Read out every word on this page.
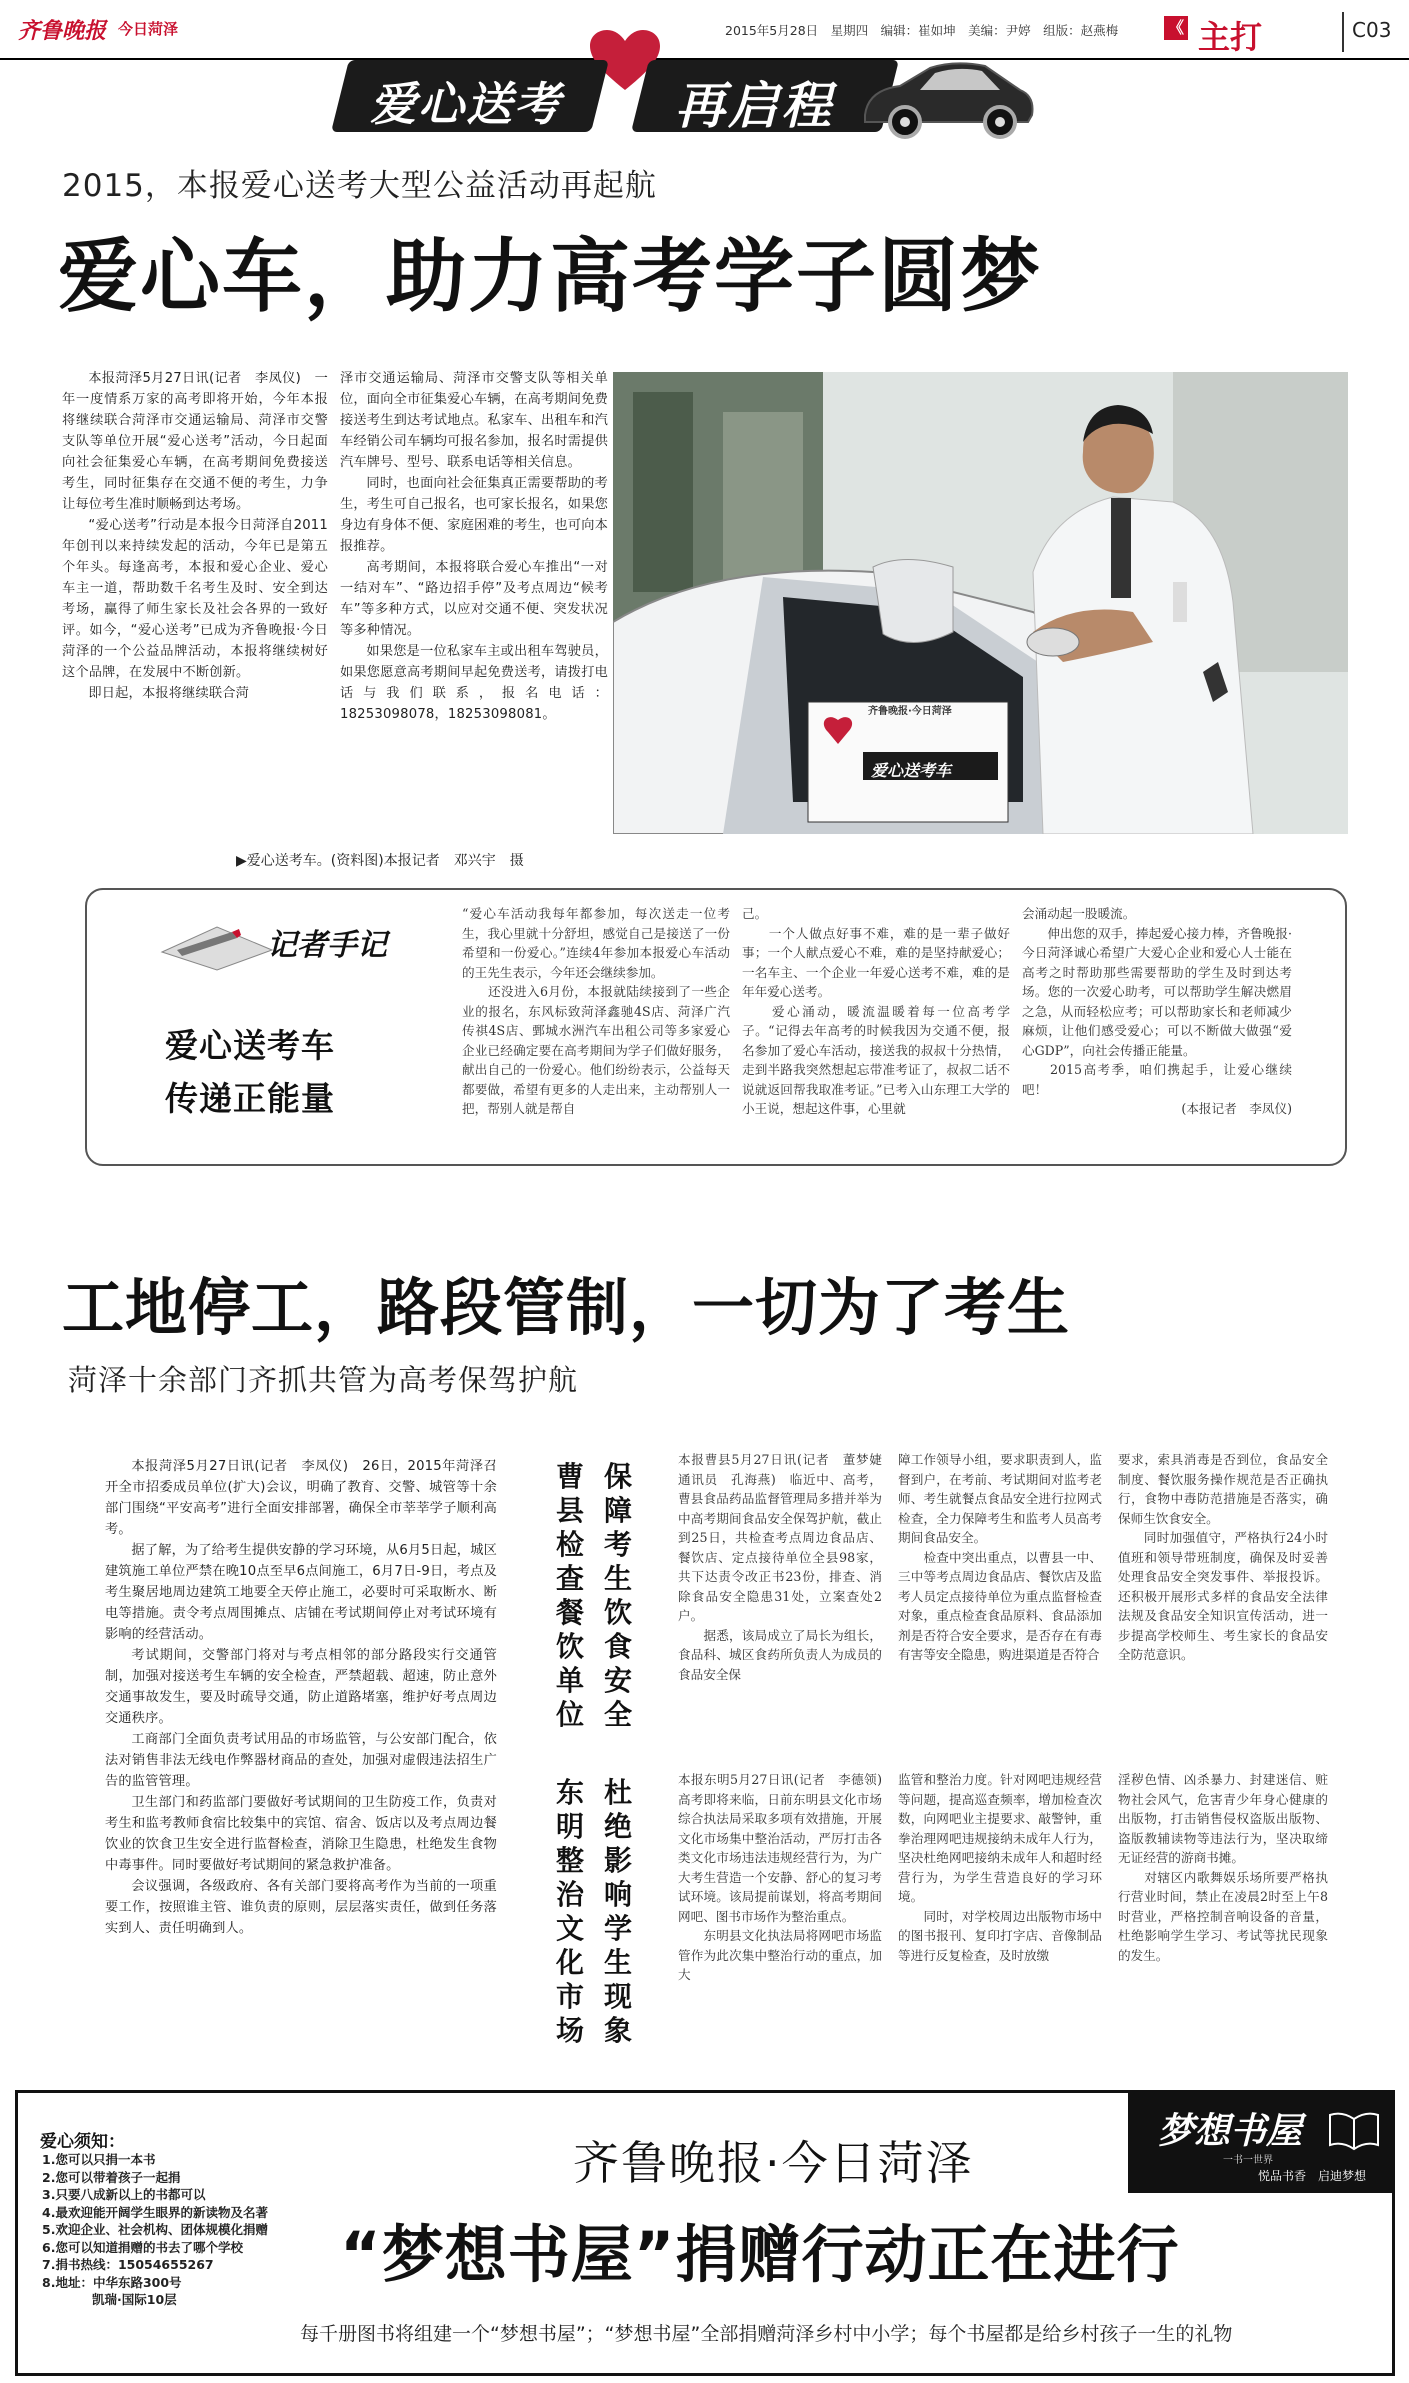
齐鲁晚报 今日菏泽	2015年5月28日　星期四　编辑：崔如坤　美编：尹婷　组版：赵燕梅	《 主打	C03
爱心送考 再启程
2015，本报爱心送考大型公益活动再起航
爱心车，助力高考学子圆梦

本报菏泽5月27日讯(记者　李凤仪)　一年一度情系万家的高考即将开始，今年本报将继续联合菏泽市交通运输局、菏泽市交警支队等单位开展“爱心送考”活动，今日起面向社会征集爱心车辆，在高考期间免费接送考生，同时征集存在交通不便的考生，力争让每位考生准时顺畅到达考场。

“爱心送考”行动是本报今日菏泽自2011年创刊以来持续发起的活动，今年已是第五个年头。每逢高考，本报和爱心企业、爱心车主一道，帮助数千名考生及时、安全到达考场，赢得了师生家长及社会各界的一致好评。如今，“爱心送考”已成为齐鲁晚报·今日菏泽的一个公益品牌活动，本报将继续树好这个品牌，在发展中不断创新。

即日起，本报将继续联合菏

泽市交通运输局、菏泽市交警支队等相关单位，面向全市征集爱心车辆，在高考期间免费接送考生到达考试地点。私家车、出租车和汽车经销公司车辆均可报名参加，报名时需提供汽车牌号、型号、联系电话等相关信息。

同时，也面向社会征集真正需要帮助的考生，考生可自己报名，也可家长报名，如果您身边有身体不便、家庭困难的考生，也可向本报推荐。

高考期间，本报将联合爱心车推出“一对一结对车”、“路边招手停”及考点周边“候考车”等多种方式，以应对交通不便、突发状况等多种情况。

如果您是一位私家车主或出租车驾驶员，如果您愿意高考期间早起免费送考，请拨打电话与我们联系，报名电话：18253098078，18253098081。	齐鲁晚报·今日菏泽
爱心送考车
▶爱心送考车。(资料图)本报记者　邓兴宇　摄
记者手记
爱心送考车
传递正能量
“爱心车活动我每年都参加，每次送走一位考生，我心里就十分舒坦，感觉自己是接送了一份希望和一份爱心。”连续4年参加本报爱心车活动的王先生表示，今年还会继续参加。
　　还没进入6月份，本报就陆续接到了一些企业的报名，东风标致菏泽鑫驰4S店、菏泽广汽传祺4S店、鄄城水洲汽车出租公司等多家爱心企业已经确定要在高考期间为学子们做好服务，献出自己的一份爱心。他们纷纷表示，公益每天都要做，希望有更多的人走出来，主动帮别人一把，帮别人就是帮自
己。
　　一个人做点好事不难，难的是一辈子做好事；一个人献点爱心不难，难的是坚持献爱心；一名车主、一个企业一年爱心送考不难，难的是年年爱心送考。
　　爱心涌动，暖流温暖着每一位高考学子。“记得去年高考的时候我因为交通不便，报名参加了爱心车活动，接送我的叔叔十分热情，走到半路我突然想起忘带准考证了，叔叔二话不说就返回帮我取准考证。”已考入山东理工大学的小王说，想起这件事，心里就
会涌动起一股暖流。
　　伸出您的双手，捧起爱心接力棒，齐鲁晚报·今日菏泽诚心希望广大爱心企业和爱心人士能在高考之时帮助那些需要帮助的学生及时到达考场。您的一次爱心助考，可以帮助学生解决燃眉之急，从而轻松应考；可以帮助家长和老师减少麻烦，让他们感受爱心；可以不断做大做强“爱心GDP”，向社会传播正能量。
　　2015高考季，咱们携起手，让爱心继续吧！
(本报记者　李凤仪)
工地停工，路段管制，一切为了考生
菏泽十余部门齐抓共管为高考保驾护航

本报菏泽5月27日讯(记者　李凤仪)　26日，2015年菏泽召开全市招委成员单位(扩大)会议，明确了教育、交警、城管等十余部门围绕“平安高考”进行全面安排部署，确保全市莘莘学子顺利高考。

据了解，为了给考生提供安静的学习环境，从6月5日起，城区建筑施工单位严禁在晚10点至早6点间施工，6月7日-9日，考点及考生聚居地周边建筑工地要全天停止施工，必要时可采取断水、断电等措施。责令考点周围摊点、店铺在考试期间停止对考试环境有影响的经营活动。

考试期间，交警部门将对与考点相邻的部分路段实行交通管制，加强对接送考生车辆的安全检查，严禁超载、超速，防止意外交通事故发生，要及时疏导交通，防止道路堵塞，维护好考点周边交通秩序。

工商部门全面负责考试用品的市场监管，与公安部门配合，依法对销售非法无线电作弊器材商品的查处，加强对虚假违法招生广告的监管管理。

卫生部门和药监部门要做好考试期间的卫生防疫工作，负责对考生和监考教师食宿比较集中的宾馆、宿舍、饭店以及考点周边餐饮业的饮食卫生安全进行监督检查，消除卫生隐患，杜绝发生食物中毒事件。同时要做好考试期间的紧急救护准备。

会议强调，各级政府、各有关部门要将高考作为当前的一项重要工作，按照谁主管、谁负责的原则，层层落实责任，做到任务落实到人、责任明确到人。

保障考生饮食安全
曹县检查餐饮单位
本报曹县5月27日讯(记者　董梦婕　通讯员　孔海燕)　临近中、高考，曹县食品药品监督管理局多措并举为中高考期间食品安全保驾护航，截止到25日，共检查考点周边食品店、餐饮店、定点接待单位全县98家，共下达责令改正书23份，排查、消除食品安全隐患31处，立案查处2户。
　　据悉，该局成立了局长为组长，食品科、城区食药所负责人为成员的食品安全保
障工作领导小组，要求职责到人，监督到户，在考前、考试期间对监考老师、考生就餐点食品安全进行拉网式检查，全力保障考生和监考人员高考期间食品安全。
　　检查中突出重点，以曹县一中、三中等考点周边食品店、餐饮店及监考人员定点接待单位为重点监督检查对象，重点检查食品原料、食品添加剂是否符合安全要求，是否存在有毒有害等安全隐患，购进渠道是否符合
要求，索具消毒是否到位，食品安全制度、餐饮服务操作规范是否正确执行，食物中毒防范措施是否落实，确保师生饮食安全。
　　同时加强值守，严格执行24小时值班和领导带班制度，确保及时妥善处理食品安全突发事件、举报投诉。还积极开展形式多样的食品安全法律法规及食品安全知识宣传活动，进一步提高学校师生、考生家长的食品安全防范意识。
杜绝影响学生现象
东明整治文化市场
本报东明5月27日讯(记者　李德领)　高考即将来临，日前东明县文化市场综合执法局采取多项有效措施，开展文化市场集中整治活动，严厉打击各类文化市场违法违规经营行为，为广大考生营造一个安静、舒心的复习考试环境。该局提前谋划，将高考期间网吧、图书市场作为整治重点。
　　东明县文化执法局将网吧市场监管作为此次集中整治行动的重点，加大
监管和整治力度。针对网吧违规经营等问题，提高巡查频率，增加检查次数，向网吧业主提要求、敲警钟，重拳治理网吧违规接纳未成年人行为，坚决杜绝网吧接纳未成年人和超时经营行为，为学生营造良好的学习环境。
　　同时，对学校周边出版物市场中的图书报刊、复印打字店、音像制品等进行反复检查，及时放缴
淫秽色情、凶杀暴力、封建迷信、赃物社会风气，危害青少年身心健康的出版物，打击销售侵权盗版出版物、盗版教辅读物等违法行为，坚决取缔无证经营的游商书摊。
　　对辖区内歌舞娱乐场所要严格执行营业时间，禁止在凌晨2时至上午8时营业，严格控制音响设备的音量，杜绝影响学生学习、考试等扰民现象的发生。
爱心须知：
1.您可以只捐一本书
2.您可以带着孩子一起捐
3.只要八成新以上的书都可以
4.最欢迎能开阔学生眼界的新读物及名著
5.欢迎企业、社会机构、团体规模化捐赠
6.您可以知道捐赠的书去了哪个学校
7.捐书热线：15054655267
8.地址：中华东路300号
　　　　凯瑞·国际10层
齐鲁晚报·今日菏泽
“梦想书屋”捐赠行动正在进行
梦想书屋
一书一世界
悦品书香　启迪梦想
每千册图书将组建一个“梦想书屋”；“梦想书屋”全部捐赠菏泽乡村中小学；每个书屋都是给乡村孩子一生的礼物
